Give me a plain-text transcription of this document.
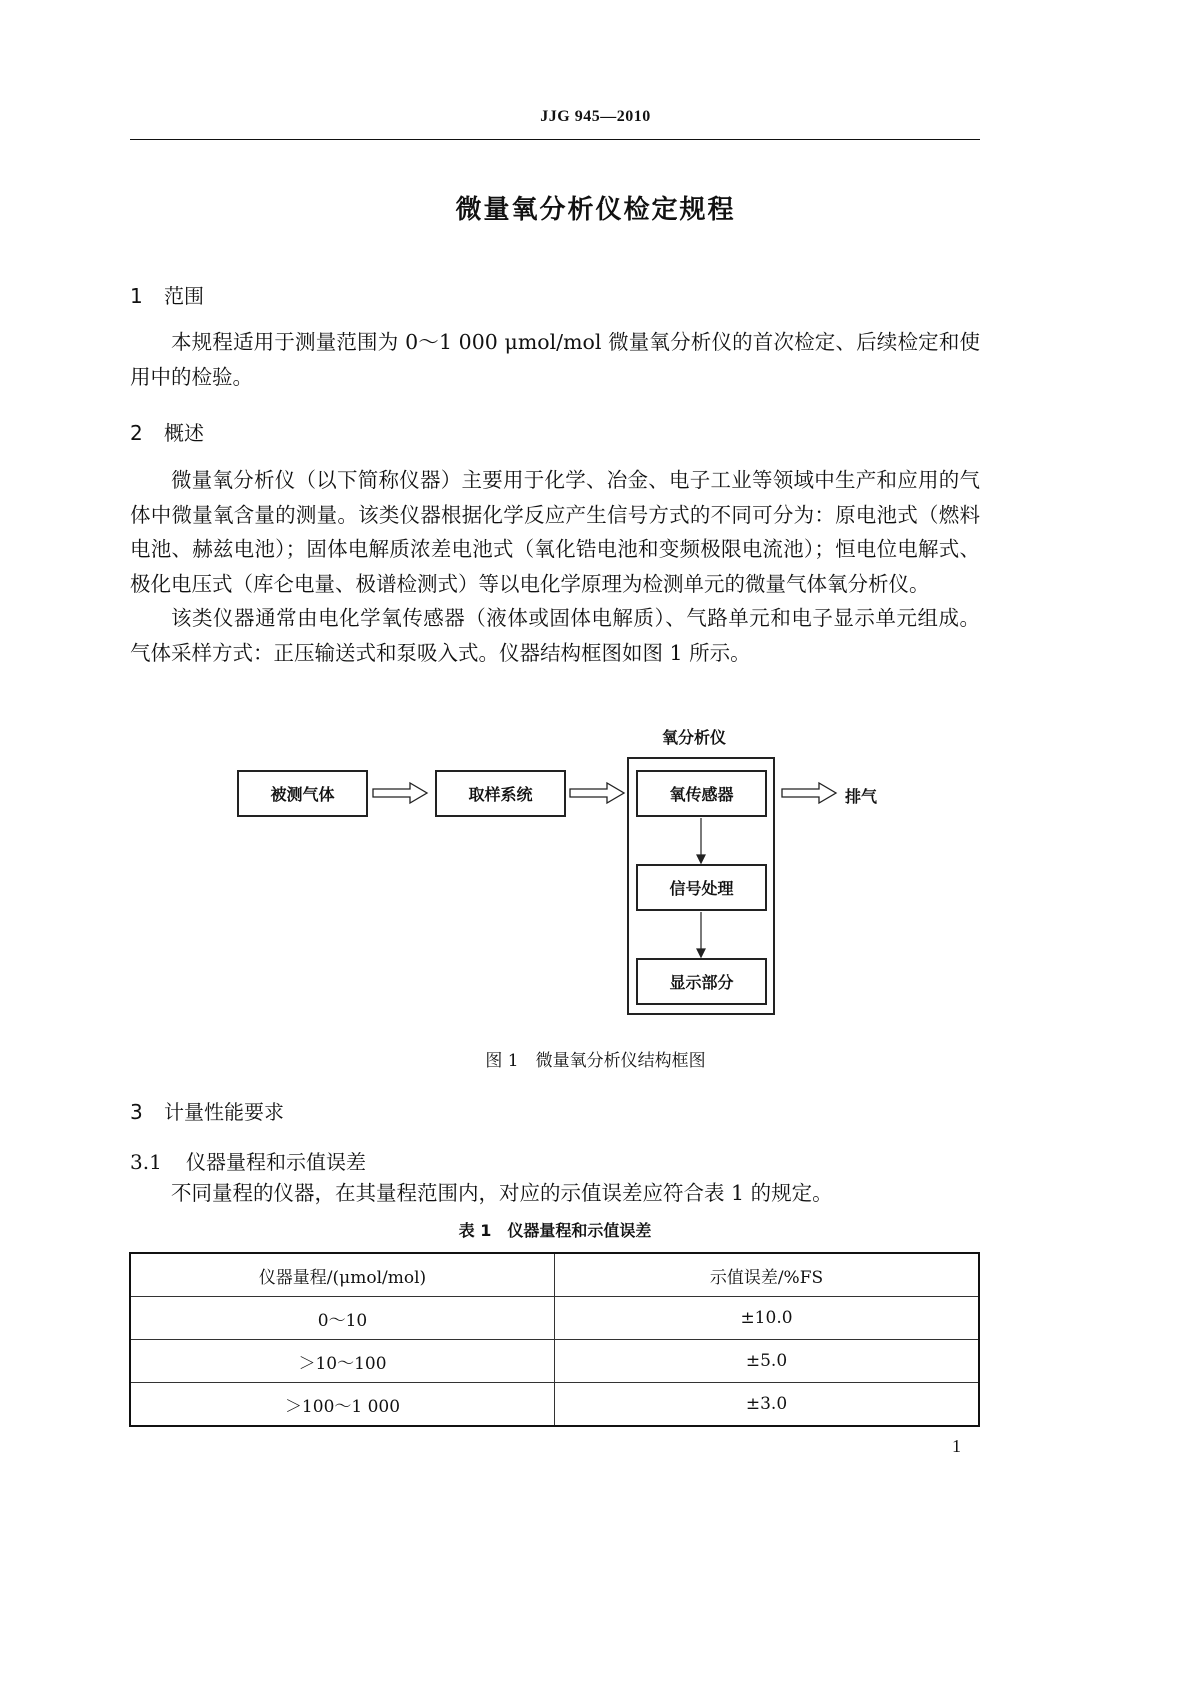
JJG 945—2010
微量氧分析仪检定规程
1 范围

本规程适用于测量范围为 0～1 000 μmol/mol 微量氧分析仪的首次检定、后续检定和使用中的检验。

2 概述

微量氧分析仪（以下简称仪器）主要用于化学、冶金、电子工业等领域中生产和应用的气体中微量氧含量的测量。该类仪器根据化学反应产生信号方式的不同可分为：原电池式（燃料电池、赫兹电池）；固体电解质浓差电池式（氧化锆电池和变频极限电流池）；恒电位电解式、极化电压式（库仑电量、极谱检测式）等以电化学原理为检测单元的微量气体氧分析仪。

该类仪器通常由电化学氧传感器（液体或固体电解质）、气路单元和电子显示单元组成。气体采样方式：正压输送式和泵吸入式。仪器结构框图如图 1 所示。

氧分析仪
被测气体	取样系统	氧传感器
信号处理
显示部分
排气
图 1　微量氧分析仪结构框图
3 计量性能要求
3.1 仪器量程和示值误差

不同量程的仪器，在其量程范围内，对应的示值误差应符合表 1 的规定。

表 1　仪器量程和示值误差
仪器量程/(μmol/mol)	示值误差/%FS
0～10	±10.0
＞10～100	±5.0
＞100～1 000	±3.0
1
